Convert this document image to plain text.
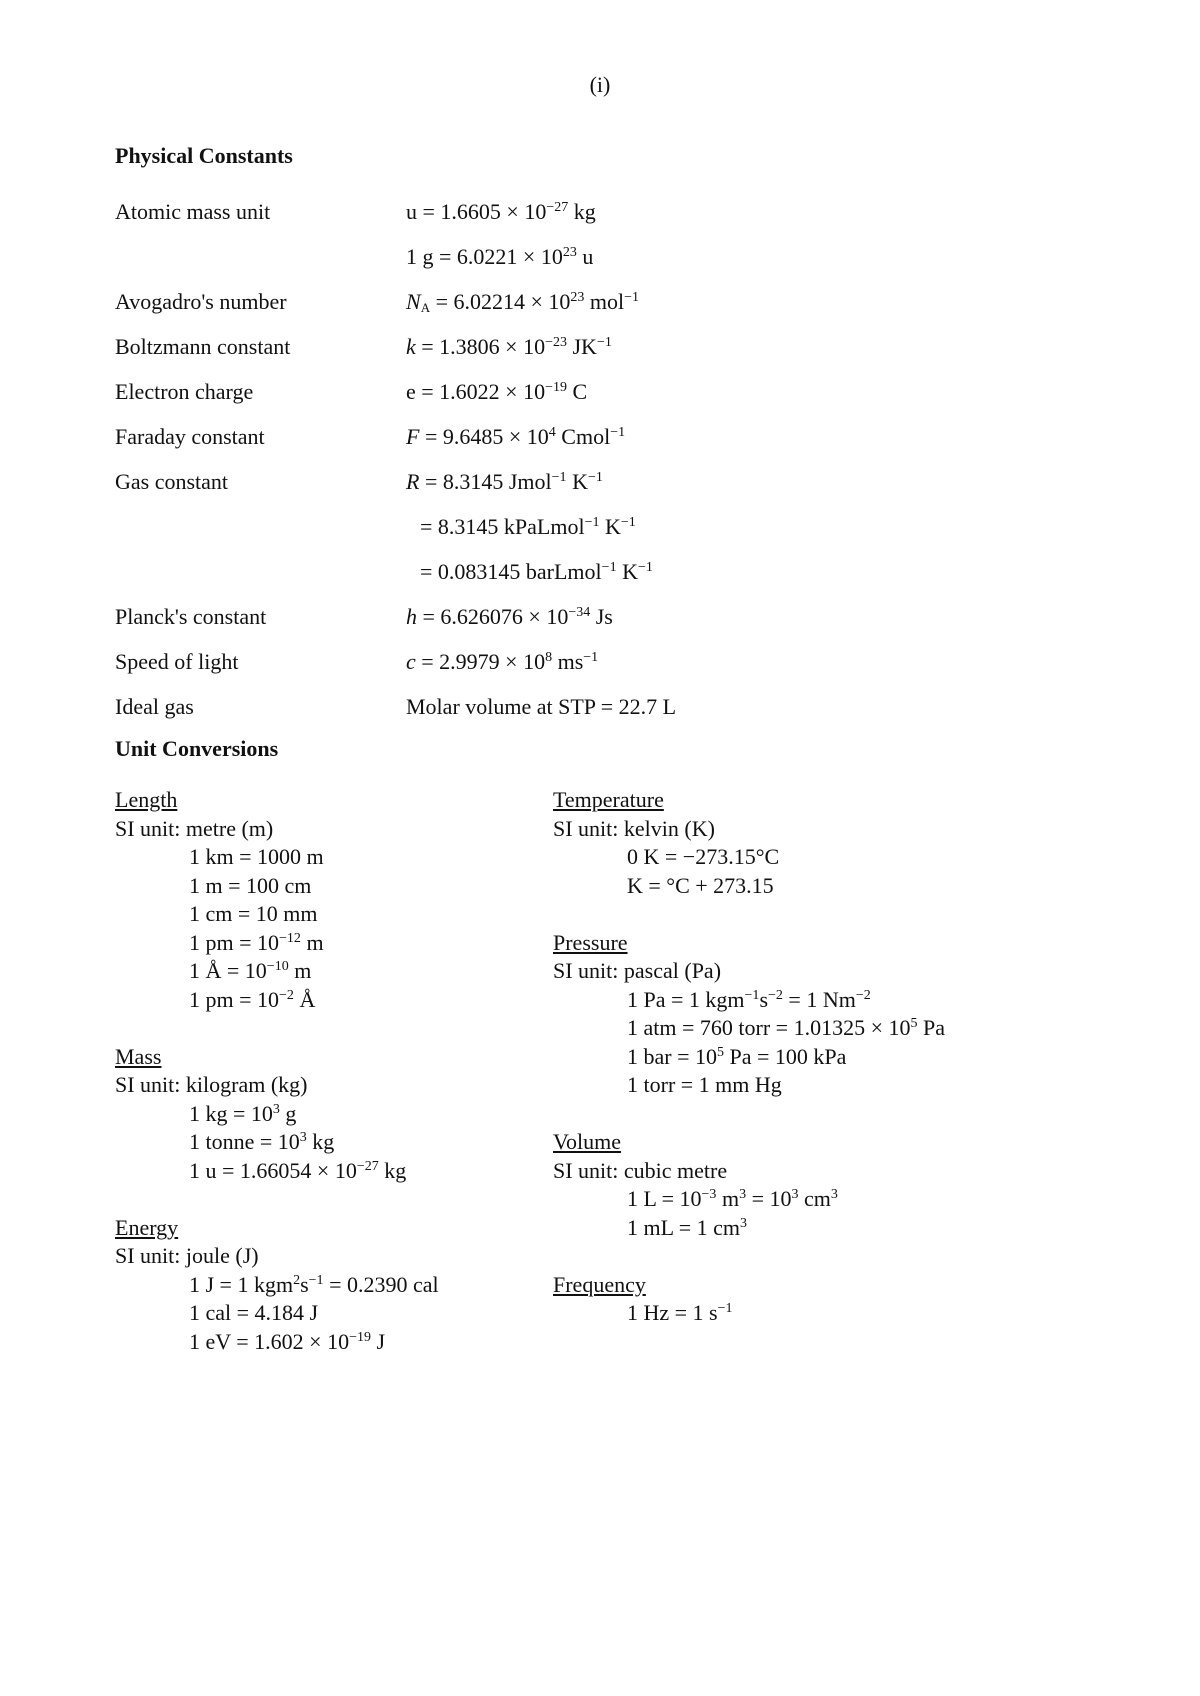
(i)
Physical Constants
Atomic mass unit	$u = 1.6605 \times 10^{-27}$ kg
1 $g = 6.0221 \times 10^{23}$ u
Avogadro's number	$N_A = 6.02214 \times 10^{23}$ mol$^{-1}$
Boltzmann constant	$k = 1.3806 \times 10^{-23}$ $JK^{-1}$
Electron charge	$e = 1.6022 \times 10^{-19}$ C
Faraday constant	$F = 9.6485 \times 10^4$ Cmol$^{-1}$
Gas constant	R = 8.3145 Jmol$^{-1}$ $K^{-1}$
= 8.3145 kPaLmol$^{-1}$ $K^{-1}$
= 0.083145 barLmol$^{-1}$ $K^{-1}$
Planck's constant	$h = 6.626076 \times 10^{-34}$ Js
Speed of light	$c = 2.9979 \times 10^8$ $ms^{-1}$
Ideal gas	Molar volume at STP = 22.7 L
Unit Conversions
Length
SI unit: metre (m)
1 km = 1000 m
1 m = 100 cm
1 cm = 10 mm
1 pm = $10^{-12}$ m
1 Å = $10^{-10}$ m
1 pm = $10^{-2}$ Å
Mass
SI unit: kilogram (kg)
1 kg = $10^3$ g
1 tonne = $10^3$ kg
1 $u = 1.66054 \times 10^{-27}$ kg
Energy
SI unit: joule (J)
1 J = 1 $kgm^2s^{-1} = 0.2390$ cal
1 cal = 4.184 J
1 eV = $1.602 \times 10^{-19}$ J
Temperature
SI unit: kelvin (K)
0 K = −273.15°C
K = °C + 273.15
Pressure
SI unit: pascal (Pa)
1 Pa = 1 $kgm^{-1}s^{-2} = 1$ $Nm^{-2}$
1 atm = 760 torr = $1.01325 \times 10^5$ Pa
1 bar = $10^5$ Pa = 100 kPa
1 torr = 1 mm Hg
Volume
SI unit: cubic metre
1 $L = 10^{-3}$ $m^3 = 10^3$ $cm^3$
1 mL = 1 $cm^3$
Frequency
1 Hz = 1 $s^{-1}$
